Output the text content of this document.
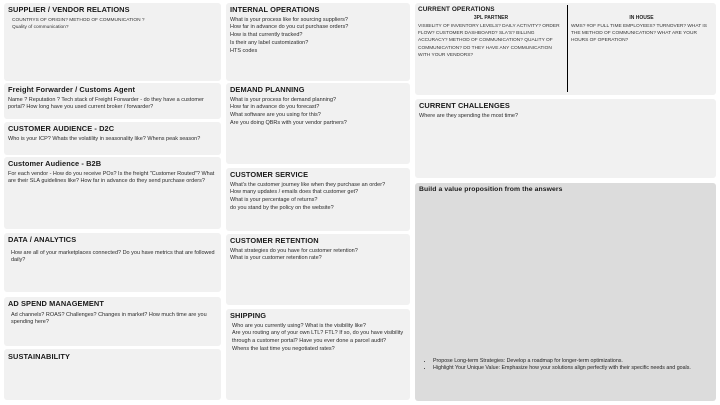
SUPPLIER / VENDOR RELATIONS
COUNTRYS OF ORIGIN? METHOD OF COMMUNICATION ?
Quality of communication?
Freight Forwarder / Customs Agent
Name ? Reputation ? Tech stack of Freight Forwarder - do they have a customer portal? How long have you used current broker / forwarder?
CUSTOMER AUDIENCE - D2C
Who is your ICP? Whats the volatility in seasonality like? Whens peak season?
Customer Audience - B2B
For each vendor - How do you receive POs? Is the freight "Customer Routed"? What are their SLA guidelines like? How far in advance do they send purchase orders?
DATA / ANALYTICS
How are all of your marketplaces connected? Do you have metrics that are followed daily?
AD SPEND MANAGEMENT
Ad channels? ROAS? Challenges? Changes in market? How much time are you spending here?
SUSTAINABILITY
INTERNAL OPERATIONS
What is your process like for sourcing suppliers?
How far in advance do you cut purchase orders?
How is that currently tracked?
Is their any label customization?
HTS codes
DEMAND PLANNING
What is your process for demand planning?
How far in advance do you forecast?
What software are you using for this?
Are you doing QBRs with your vendor partners?
CUSTOMER SERVICE
What's the customer journey like when they purchase an order?
How many updates / emails does that customer get?
What is your percentage of returns?
do you stand by the policy on the website?
CUSTOMER RETENTION
What strategies do you have for customer retention?
What is your customer retention rate?
SHIPPING
Who are you currently using? What is the visibility like?
Are you routing any of your own LTL? FTL? If so, do you have visibility through a customer portal? Have you ever done a parcel audit?
Whens the last time you negotiated rates?
CURRENT OPERATIONS
3PL PARTNER
VISIBILITY OF INVENTORY LEVELS? DAILY ACTIVITY? ORDER FLOW? CUSTOMER DASHBOARD? SLA'S? BILLING ACCURACY? METHOD OF COMMUNICATION? QUALITY OF COMMUNICATION? DO THEY HAVE ANY COMMUNICATION WITH YOUR VENDORS?
IN HOUSE
WMS? #OF FULL TIME EMPLOYEES? TURNOVER? WHAT IS THE METHOD OF COMMUNICATION? WHAT ARE YOUR HOURS OF OPERATION?
CURRENT CHALLENGES
Where are they spending the most time?
Build a value proposition from the answers
• Propose Long-term Strategies: Develop a roadmap for longer-term optimizations.
• Highlight Your Unique Value: Emphasize how your solutions align perfectly with their specific needs and goals.
